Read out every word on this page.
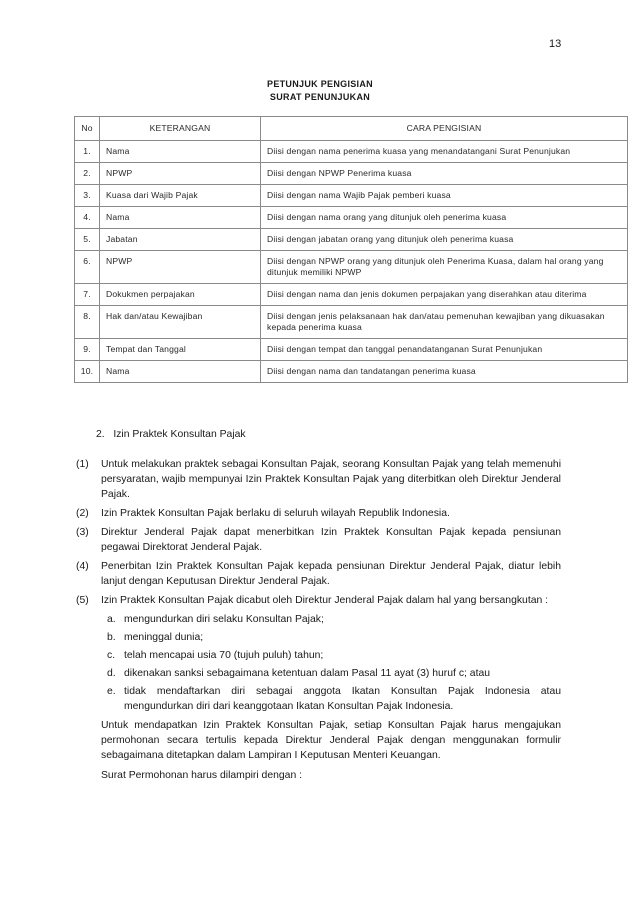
13
PETUNJUK PENGISIAN
SURAT PENUNJUKAN
No	KETERANGAN	CARA PENGISIAN
1.	Nama	Diisi dengan nama penerima kuasa yang menandatangani Surat Penunjukan
2.	NPWP	Diisi dengan NPWP Penerima kuasa
3.	Kuasa dari Wajib Pajak	Diisi dengan nama Wajib Pajak pemberi kuasa
4.	Nama	Diisi dengan nama orang yang ditunjuk oleh penerima kuasa
5.	Jabatan	Diisi dengan jabatan orang yang ditunjuk oleh penerima kuasa
6.	NPWP	Diisi dengan NPWP orang yang ditunjuk oleh Penerima Kuasa, dalam hal orang yang ditunjuk memiliki NPWP
7.	Dokukmen perpajakan	Diisi dengan nama dan jenis dokumen perpajakan yang diserahkan atau diterima
8.	Hak dan/atau Kewajiban	Diisi dengan jenis pelaksanaan hak dan/atau pemenuhan kewajiban yang dikuasakan kepada penerima kuasa
9.	Tempat dan Tanggal	Diisi dengan tempat dan tanggal penandatanganan Surat Penunjukan
10.	Nama	Diisi dengan nama dan tandatangan penerima kuasa
2. Izin Praktek Konsultan Pajak
(1)	Untuk melakukan praktek sebagai Konsultan Pajak, seorang Konsultan Pajak yang telah memenuhi persyaratan, wajib mempunyai Izin Praktek Konsultan Pajak yang diterbitkan oleh Direktur Jenderal Pajak.
(2)	Izin Praktek Konsultan Pajak berlaku di seluruh wilayah Republik Indonesia.
(3)	Direktur Jenderal Pajak dapat menerbitkan Izin Praktek Konsultan Pajak kepada pensiunan pegawai Direktorat Jenderal Pajak.
(4)	Penerbitan Izin Praktek Konsultan Pajak kepada pensiunan Direktur Jenderal Pajak, diatur lebih lanjut dengan Keputusan Direktur Jenderal Pajak.
(5)	Izin Praktek Konsultan Pajak dicabut oleh Direktur Jenderal Pajak dalam hal yang bersangkutan :
a. mengundurkan diri selaku Konsultan Pajak;
b. meninggal dunia;
c. telah mencapai usia 70 (tujuh puluh) tahun;
d. dikenakan sanksi sebagaimana ketentuan dalam Pasal 11 ayat (3) huruf c; atau
e. tidak mendaftarkan diri sebagai anggota Ikatan Konsultan Pajak Indonesia atau mengundurkan diri dari keanggotaan Ikatan Konsultan Pajak Indonesia.
Untuk mendapatkan Izin Praktek Konsultan Pajak, setiap Konsultan Pajak harus mengajukan permohonan secara tertulis kepada Direktur Jenderal Pajak dengan menggunakan formulir sebagaimana ditetapkan dalam Lampiran I Keputusan Menteri Keuangan.
Surat Permohonan harus dilampiri dengan :
